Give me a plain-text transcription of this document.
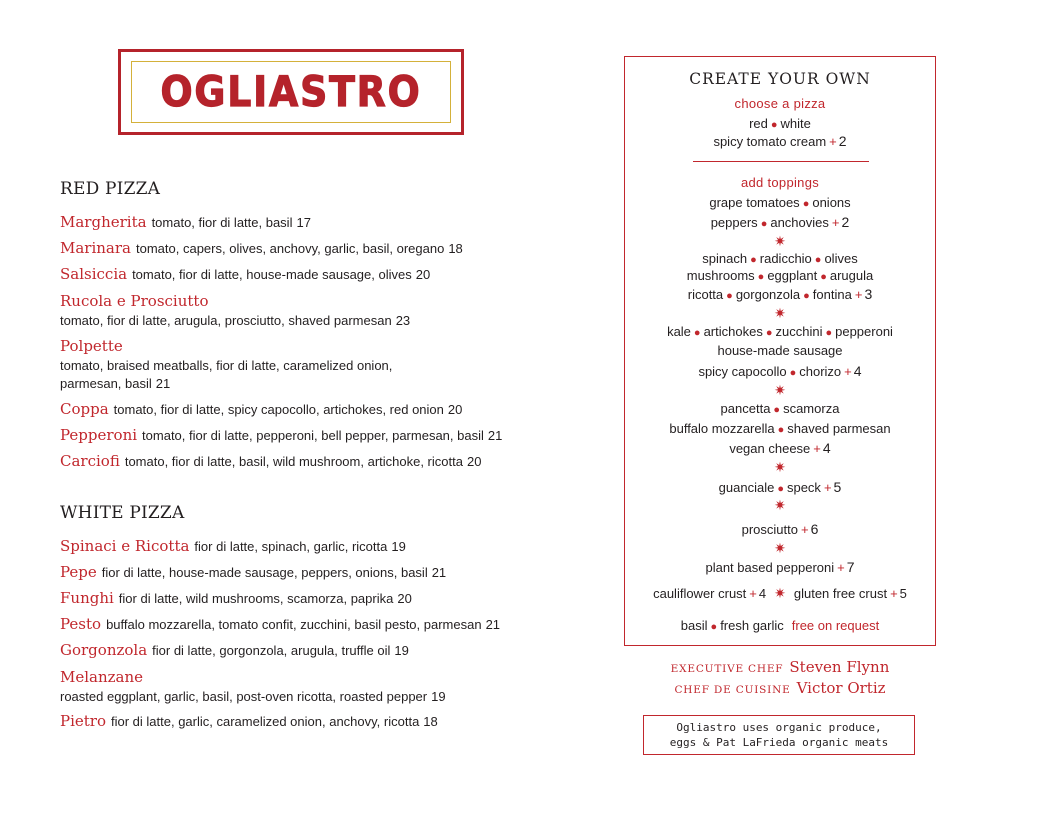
OGLIASTRO
RED PIZZA
Margherita tomato, fior di latte, basil 17
Marinara tomato, capers, olives, anchovy, garlic, basil, oregano 18
Salsiccia tomato, fior di latte, house-made sausage, olives 20
Rucola e Prosciutto
tomato, fior di latte, arugula, prosciutto, shaved parmesan 23
Polpette
tomato, braised meatballs, fior di latte, caramelized onion,
parmesan, basil 21
Coppa tomato, fior di latte, spicy capocollo, artichokes, red onion 20
Pepperoni tomato, fior di latte, pepperoni, bell pepper, parmesan, basil 21
Carciofi tomato, fior di latte, basil, wild mushroom, artichoke, ricotta 20
WHITE PIZZA
Spinaci e Ricotta fior di latte, spinach, garlic, ricotta 19
Pepe fior di latte, house-made sausage, peppers, onions, basil 21
Funghi fior di latte, wild mushrooms, scamorza, paprika 20
Pesto buffalo mozzarella, tomato confit, zucchini, basil pesto, parmesan 21
Gorgonzola fior di latte, gorgonzola, arugula, truffle oil 19
Melanzane
roasted eggplant, garlic, basil, post-oven ricotta, roasted pepper 19
Pietro fior di latte, garlic, caramelized onion, anchovy, ricotta 18
CREATE YOUR OWN
choose a pizza
red ● white
spicy tomato cream + 2
add toppings
grape tomatoes ● onions
peppers ● anchovies + 2
✷
spinach ● radicchio ● olives
mushrooms ● eggplant ● arugula
ricotta ● gorgonzola ● fontina + 3
✷
kale ● artichokes ● zucchini ● pepperoni
house-made sausage
spicy capocollo ● chorizo + 4
✷
pancetta ● scamorza
buffalo mozzarella ● shaved parmesan
vegan cheese + 4
✷
guanciale ● speck + 5
✷
prosciutto + 6
✷
plant based pepperoni + 7
cauliflower crust + 4 ✷ gluten free crust + 5
basil ● fresh garlic free on request
EXECUTIVE CHEF Steven Flynn
CHEF DE CUISINE Victor Ortiz
Ogliastro uses organic produce,
eggs & Pat LaFrieda organic meats
